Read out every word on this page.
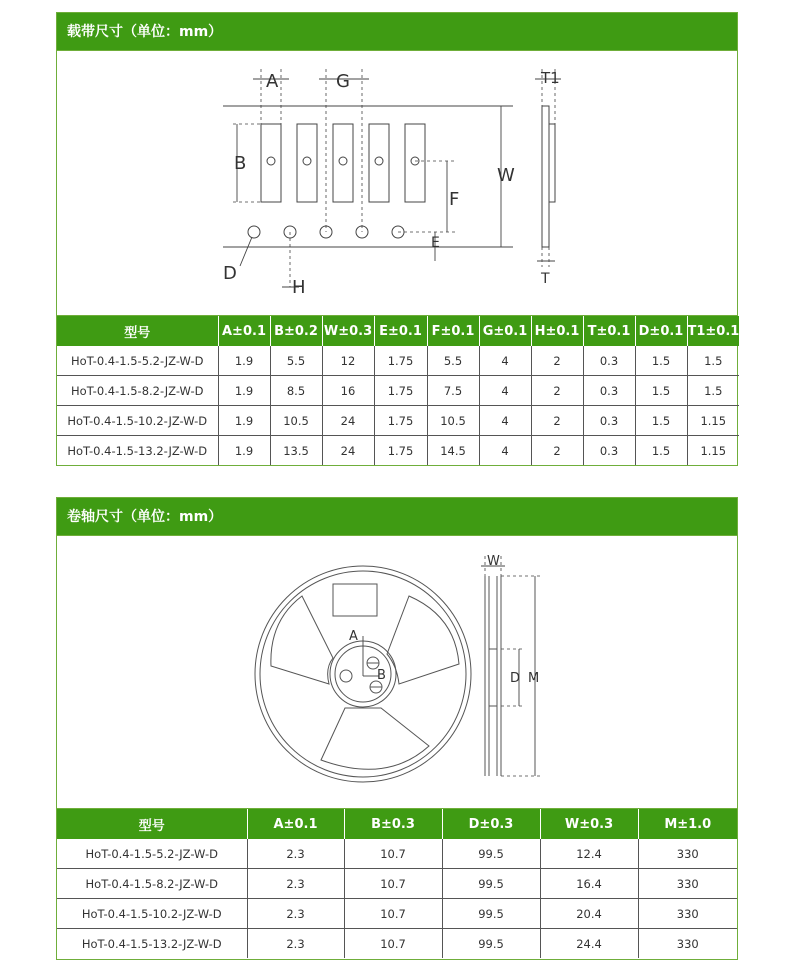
载带尺寸（单位：mm）
A	G	T1
B
W
F
E
D
H	T
型号	A±0.1	B±0.2	W±0.3	E±0.1	F±0.1	G±0.1	H±0.1	T±0.1	D±0.1	T1±0.1
HoT-0.4-1.5-5.2-JZ-W-D	1.9	5.5	12	1.75	5.5	4	2	0.3	1.5	1.5
HoT-0.4-1.5-8.2-JZ-W-D	1.9	8.5	16	1.75	7.5	4	2	0.3	1.5	1.5
HoT-0.4-1.5-10.2-JZ-W-D	1.9	10.5	24	1.75	10.5	4	2	0.3	1.5	1.15
HoT-0.4-1.5-13.2-JZ-W-D	1.9	13.5	24	1.75	14.5	4	2	0.3	1.5	1.15
卷轴尺寸（单位：mm）
W
A
B	D M
型号	A±0.1	B±0.3	D±0.3	W±0.3	M±1.0
HoT-0.4-1.5-5.2-JZ-W-D	2.3	10.7	99.5	12.4	330
HoT-0.4-1.5-8.2-JZ-W-D	2.3	10.7	99.5	16.4	330
HoT-0.4-1.5-10.2-JZ-W-D	2.3	10.7	99.5	20.4	330
HoT-0.4-1.5-13.2-JZ-W-D	2.3	10.7	99.5	24.4	330
